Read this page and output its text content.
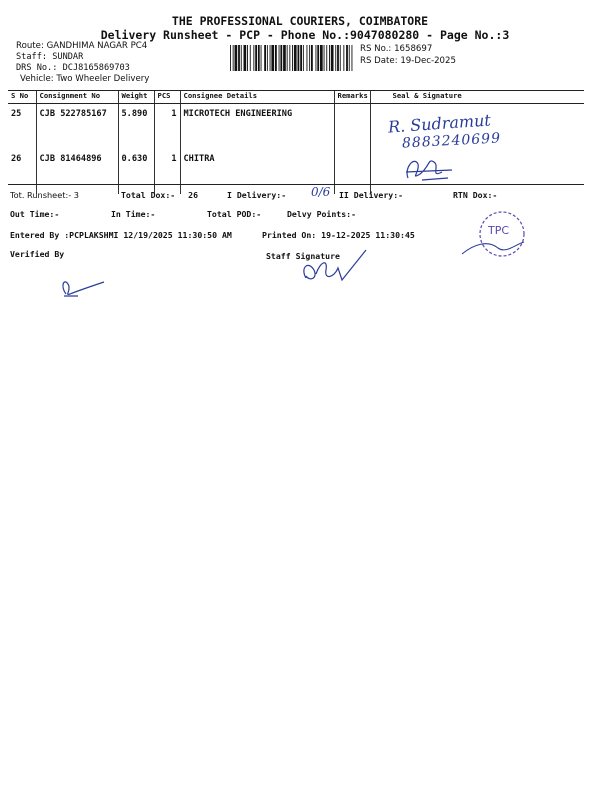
THE PROFESSIONAL COURIERS, COIMBATORE
Delivery Runsheet - PCP - Phone No.:9047080280 - Page No.:3
Route: GANDHIMA NAGAR PC4
Staff: SUNDAR
DRS No.: DCJ8165869703
Vehicle: Two Wheeler Delivery
RS No.: 1658697
RS Date: 19-Dec-2025
S No	Consignment No	Weight	PCS	Consignee Details	Remarks	Seal & Signature
25	CJB 522785167	5.890	1	MICROTECH ENGINEERING		
26	CJB 81464896	0.630	1	CHITRA		
Tot. Runsheet:- 3	Total Dox:- 26	I Delivery:-	II Delivery:-	RTN Dox:-
Out Time:-	In Time:-	Total POD:-	Delvy Points:-
Entered By :PCPLAKSHMI 12/19/2025 11:30:50 AM	Printed On: 19-12-2025 11:30:45
Verified By	Staff Signature
R. Sudramut
8883240699
0/6
TPC
